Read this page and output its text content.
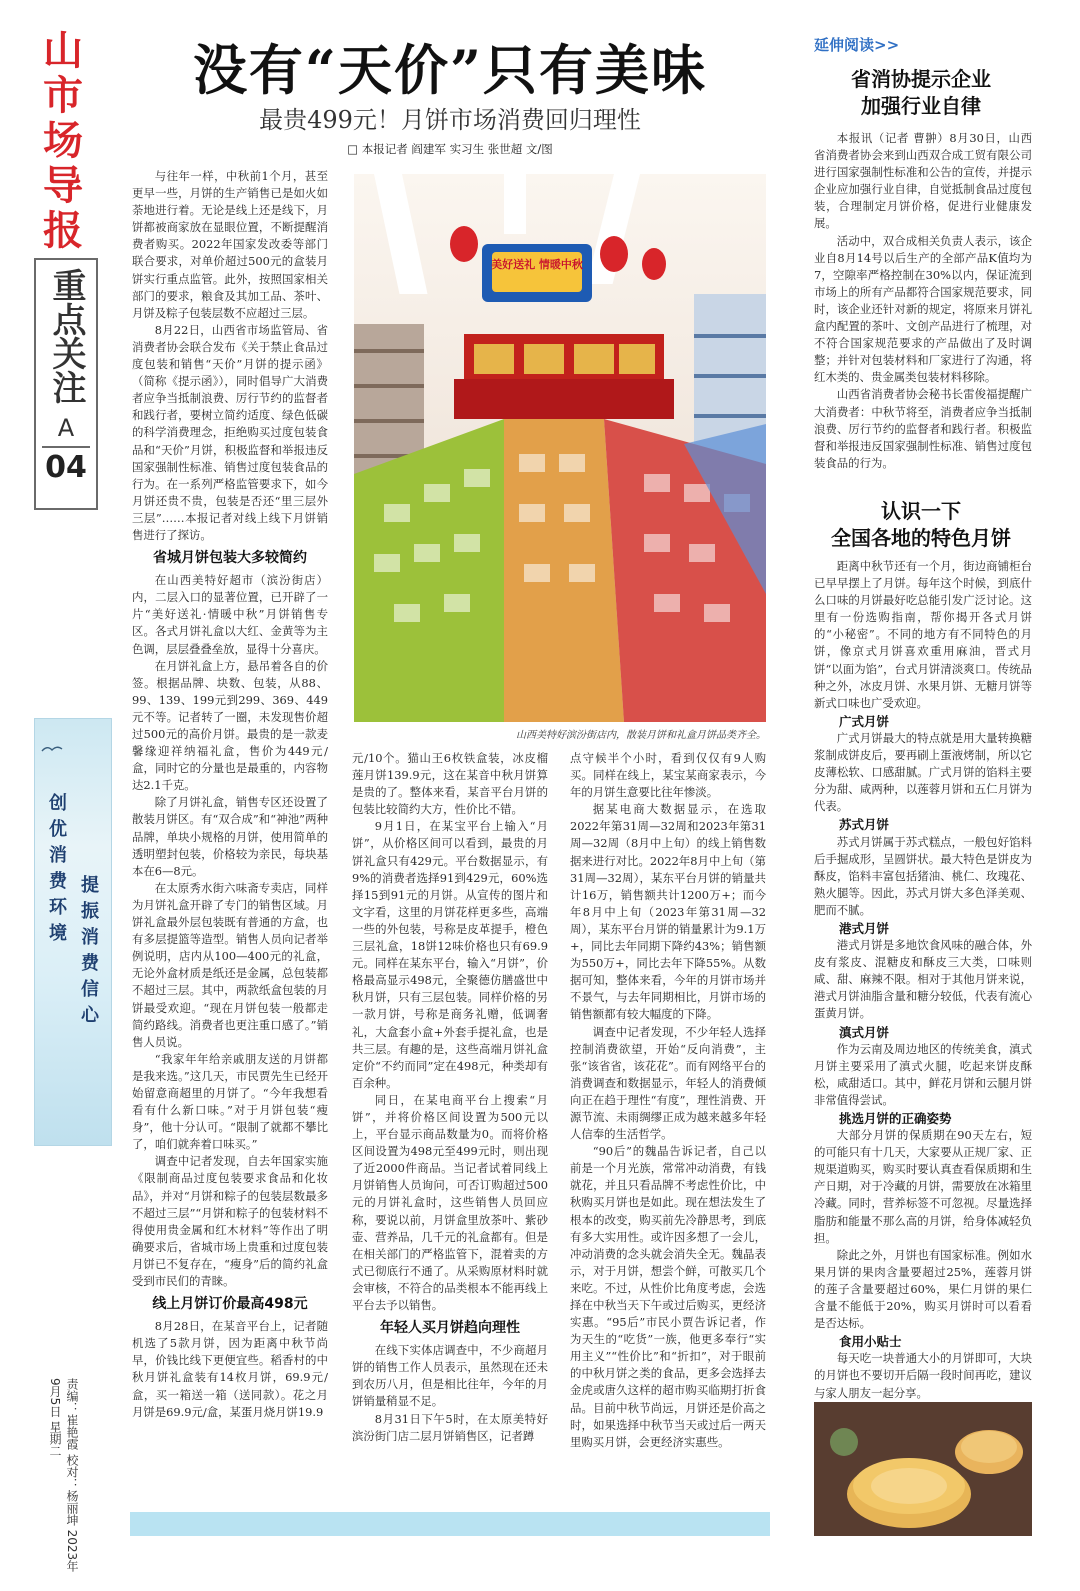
山
市
场
导
报
重点关注
A
04
创优消费环境
提振消费信心
责编：崔艳霞 校对：杨丽坤 2023年9月5日 星期二
没有“天价”只有美味
最贵499元！月饼市场消费回归理性
□ 本报记者 阎建军 实习生 张世超 文/图

与往年一样，中秋前1个月，甚至更早一些，月饼的生产销售已是如火如荼地进行着。无论是线上还是线下，月饼都被商家放在显眼位置，不断提醒消费者购买。2022年国家发改委等部门联合要求，对单价超过500元的盒装月饼实行重点监管。此外，按照国家相关部门的要求，粮食及其加工品、茶叶、月饼及粽子包装层数不应超过三层。

8月22日，山西省市场监管局、省消费者协会联合发布《关于禁止食品过度包装和销售“天价”月饼的提示函》（简称《提示函》），同时倡导广大消费者应争当抵制浪费、厉行节约的监督者和践行者，要树立简约适度、绿色低碳的科学消费理念，拒绝购买过度包装食品和“天价”月饼，积极监督和举报违反国家强制性标准、销售过度包装食品的行为。在一系列严格监管要求下，如今月饼还贵不贵，包装是否还“里三层外三层”……本报记者对线上线下月饼销售进行了探访。

省城月饼包装大多较简约

在山西美特好超市（滨汾街店）内，二层入口的显著位置，已开辟了一片“美好送礼·情暖中秋”月饼销售专区。各式月饼礼盒以大红、金黄等为主色调，层层叠叠垒放，显得十分喜庆。

在月饼礼盒上方，悬吊着各自的价签。根据品牌、块数、包装，从88、99、139、199元到299、369、449元不等。记者转了一圈，未发现售价超过500元的高价月饼。最贵的是一款麦馨缘迎祥纳福礼盒，售价为449元/盒，同时它的分量也是最重的，内容物达2.1千克。

除了月饼礼盒，销售专区还设置了散装月饼区。有“双合成”和“神池”两种品牌，单块小规格的月饼，使用简单的透明塑封包装，价格较为亲民，每块基本在6—8元。

在太原秀水街六味斋专卖店，同样为月饼礼盒开辟了专门的销售区域。月饼礼盒最外层包装既有普通的方盒，也有多层提篮等造型。销售人员向记者举例说明，店内从100—400元的礼盒，无论外盒材质是纸还是金属，总包装都不超过三层。其中，两款纸盒包装的月饼最受欢迎。“现在月饼包装一般都走简约路线。消费者也更注重口感了。”销售人员说。

“我家年年给亲戚朋友送的月饼都是我来选。”这几天，市民贾先生已经开始留意商超里的月饼了。“今年我想看看有什么新口味。”对于月饼包装“瘦身”，他十分认可。“限制了就都不攀比了，咱们就奔着口味买。”

调查中记者发现，自去年国家实施《限制商品过度包装要求食品和化妆品》，并对“月饼和粽子的包装层数最多不超过三层”“月饼和粽子的包装材料不得使用贵金属和红木材料”等作出了明确要求后，省城市场上贵重和过度包装月饼已不复存在，“瘦身”后的简约礼盒受到市民们的青睐。

线上月饼订价最高498元

8月28日，在某音平台上，记者随机选了5款月饼，因为距离中秋节尚早，价钱比线下更便宜些。稻香村的中秋月饼礼盒装有14枚月饼，69.9元/盒，买一箱送一箱（送同款）。花之月月饼是69.9元/盒，某蛋月烧月饼19.9

美好送礼 情暖中秋
山西美特好滨汾街店内，散装月饼和礼盒月饼品类齐全。

元/10个。猫山王6枚铁盒装，冰皮榴莲月饼139.9元，这在某音中秋月饼算是贵的了。整体来看，某音平台月饼的包装比较简约大方，性价比不错。

9月1日，在某宝平台上输入“月饼”，从价格区间可以看到，最贵的月饼礼盒只有429元。平台数据显示，有9%的消费者选择91到429元，60%选择15到91元的月饼。从宣传的图片和文字看，这里的月饼花样更多些，高端一些的外包装，号称是皮革提手，橙色三层礼盒，18饼12味价格也只有69.9元。同样在某东平台，输入“月饼”，价格最高显示498元，全聚德仿膳盛世中秋月饼，只有三层包装。同样价格的另一款月饼，号称是商务礼赠，低调奢礼，大盒套小盒+外套手提礼盒，也是共三层。有趣的是，这些高端月饼礼盒定价“不约而同”定在498元，种类却有百余种。

同日，在某电商平台上搜索“月饼”，并将价格区间设置为500元以上，平台显示商品数量为0。而将价格区间设置为498元至499元时，则出现了近2000件商品。当记者试着同线上月饼销售人员询问，可否订购超过500元的月饼礼盒时，这些销售人员回应称，要说以前，月饼盒里放茶叶、紫砂壶、营养品，几千元的礼盒都有。但是在相关部门的严格监管下，混着卖的方式已彻底行不通了。从采购原材料时就会审核，不符合的品类根本不能再线上平台去予以销售。

年轻人买月饼趋向理性

在线下实体店调查中，不少商超月饼的销售工作人员表示，虽然现在还未到农历八月，但是相比往年，今年的月饼销量稍显不足。

8月31日下午5时，在太原美特好滨汾街门店二层月饼销售区，记者蹲

点守候半个小时，看到仅仅有9人购买。同样在线上，某宝某商家表示，今年的月饼生意要比往年惨淡。

据某电商大数据显示，在选取2022年第31周—32周和2023年第31周—32周（8月中上旬）的线上销售数据来进行对比。2022年8月中上旬（第31周—32周），某东平台月饼的销量共计16万，销售额共计1200万+；而今年8月中上旬（2023年第31周—32周），某东平台月饼的销量累计为9.1万+，同比去年同期下降约43%；销售额为550万+，同比去年下降55%。从数据可知，整体来看，今年的月饼市场并不景气，与去年同期相比，月饼市场的销售额都有较大幅度的下降。

调查中记者发现，不少年轻人选择控制消费欲望，开始“反向消费”，主张“该省省，该花花”。而有网络平台的消费调查和数据显示，年轻人的消费倾向正在趋于理性“有度”，理性消费、开源节流、未雨绸缪正成为越来越多年轻人信奉的生活哲学。

“90后”的魏晶告诉记者，自己以前是一个月光族，常常冲动消费，有钱就花，并且只看品牌不考虑性价比，中秋购买月饼也是如此。现在想法发生了根本的改变，购买前先冷静思考，到底有多大实用性。或许因多想了一会儿，冲动消费的念头就会消失全无。魏晶表示，对于月饼，想尝个鲜，可散买几个来吃。不过，从性价比角度考虑，会选择在中秋当天下午或过后购买，更经济实惠。“95后”市民小贾告诉记者，作为天生的“吃货”一族，他更多奉行“实用主义”“性价比”和“折扣”，对于眼前的中秋月饼之类的食品，更多会选择去金虎或唐久这样的超市购买临期打折食品。目前中秋节尚远，月饼还是价高之时，如果选择中秋节当天或过后一两天里购买月饼，会更经济实惠些。

延伸阅读>>
省消协提示企业
加强行业自律

本报讯（记者 曹翀）8月30日，山西省消费者协会来到山西双合成工贸有限公司进行国家强制性标准和公告的宣传，并提示企业应加强行业自律，自觉抵制食品过度包装，合理制定月饼价格，促进行业健康发展。

活动中，双合成相关负责人表示，该企业自8月14号以后生产的全部产品K值均为7，空隙率严格控制在30%以内，保证流到市场上的所有产品都符合国家规范要求，同时，该企业还针对新的规定，将原来月饼礼盒内配置的茶叶、文创产品进行了梳理，对不符合国家规范要求的产品做出了及时调整；并针对包装材料和厂家进行了沟通，将红木类的、贵金属类包装材料移除。

山西省消费者协会秘书长雷俊福提醒广大消费者：中秋节将至，消费者应争当抵制浪费、厉行节约的监督者和践行者。积极监督和举报违反国家强制性标准、销售过度包装食品的行为。

认识一下
全国各地的特色月饼

距离中秋节还有一个月，街边商铺柜台已早早摆上了月饼。每年这个时候，到底什么口味的月饼最好吃总能引发广泛讨论。这里有一份选购指南，帮你揭开各式月饼的“小秘密”。不同的地方有不同特色的月饼，像京式月饼喜欢重用麻油，晋式月饼“以面为馅”，台式月饼清淡爽口。传统品种之外，冰皮月饼、水果月饼、无糖月饼等新式口味也广受欢迎。

广式月饼

广式月饼最大的特点就是用大量转换糖浆制成饼皮后，要再刷上蛋液烤制，所以它皮薄松软、口感甜腻。广式月饼的馅料主要分为甜、咸两种，以莲蓉月饼和五仁月饼为代表。

苏式月饼

苏式月饼属于苏式糕点，一般包好馅料后手掘成形，呈圆饼状。最大特色是饼皮为酥皮，馅料丰富包括猪油、桃仁、玫瑰花、熟火腿等。因此，苏式月饼大多色泽美观、肥而不腻。

港式月饼

港式月饼是多地饮食风味的融合体，外皮有浆皮、混糖皮和酥皮三大类，口味则咸、甜、麻辣不限。相对于其他月饼来说，港式月饼油脂含量和糖分较低，代表有流心蛋黄月饼。

滇式月饼

作为云南及周边地区的传统美食，滇式月饼主要采用了滇式火腿，吃起来饼皮酥松，咸甜适口。其中，鲜花月饼和云腿月饼非常值得尝试。

挑选月饼的正确姿势

大部分月饼的保质期在90天左右，短的可能只有十几天，大家要从正规厂家、正规渠道购买，购买时要认真查看保质期和生产日期，对于冷藏的月饼，需要放在冰箱里冷藏。同时，营养标签不可忽视。尽量选择脂肪和能量不那么高的月饼，给身体减轻负担。

除此之外，月饼也有国家标准。例如水果月饼的果肉含量要超过25%，莲蓉月饼的莲子含量要超过60%，果仁月饼的果仁含量不能低于20%，购买月饼时可以看看是否达标。

食用小贴士

每天吃一块普通大小的月饼即可，大块的月饼也不要切开后隔一段时间再吃，建议与家人朋友一起分享。
